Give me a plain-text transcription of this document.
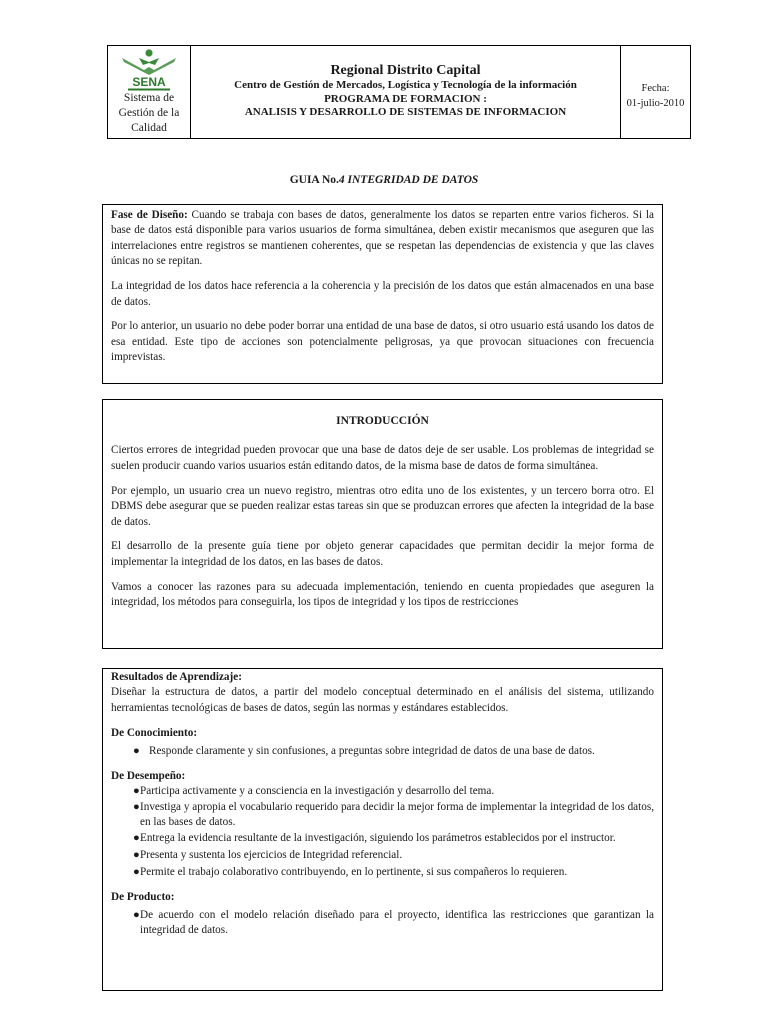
SENA
Sistema de
Gestión de la
Calidad
Regional Distrito Capital
Centro de Gestión de Mercados, Logística y Tecnología de la información
PROGRAMA DE FORMACION :
ANALISIS Y DESARROLLO DE SISTEMAS DE INFORMACION
Fecha:
01-julio-2010
GUIA No.4 INTEGRIDAD DE DATOS

Fase de Diseño: Cuando se trabaja con bases de datos, generalmente los datos se reparten entre varios ficheros. Si la base de datos está disponible para varios usuarios de forma simultánea, deben existir mecanismos que aseguren que las interrelaciones entre registros se mantienen coherentes, que se respetan las dependencias de existencia y que las claves únicas no se repitan.

La integridad de los datos hace referencia a la coherencia y la precisión de los datos que están almacenados en una base de datos.

Por lo anterior, un usuario no debe poder borrar una entidad de una base de datos, si otro usuario está usando los datos de esa entidad. Este tipo de acciones son potencialmente peligrosas, ya que provocan situaciones con frecuencia imprevistas.

INTRODUCCIÓN

Ciertos errores de integridad pueden provocar que una base de datos deje de ser usable. Los problemas de integridad se suelen producir cuando varios usuarios están editando datos, de la misma base de datos de forma simultánea.

Por ejemplo, un usuario crea un nuevo registro, mientras otro edita uno de los existentes, y un tercero borra otro. El DBMS debe asegurar que se pueden realizar estas tareas sin que se produzcan errores que afecten la integridad de la base de datos.

El desarrollo de la presente guía tiene por objeto generar capacidades que permitan decidir la mejor forma de implementar la integridad de los datos, en las bases de datos.

Vamos a conocer las razones para su adecuada implementación, teniendo en cuenta propiedades que aseguren la integridad, los métodos para conseguirla, los tipos de integridad y los tipos de restricciones

Resultados de Aprendizaje:

Diseñar la estructura de datos, a partir del modelo conceptual determinado en el análisis del sistema, utilizando herramientas tecnológicas de bases de datos, según las normas y estándares establecidos.

De Conocimiento:

● Responde claramente y sin confusiones, a preguntas sobre integridad de datos de una base de datos.

De Desempeño:

● Participa activamente y a consciencia en la investigación y desarrollo del tema.

● Investiga y apropia el vocabulario requerido para decidir la mejor forma de implementar la integridad de los datos, en las bases de datos.

● Entrega la evidencia resultante de la investigación, siguiendo los parámetros establecidos por el instructor.

● Presenta y sustenta los ejercicios de Integridad referencial.

● Permite el trabajo colaborativo contribuyendo, en lo pertinente, si sus compañeros lo requieren.

De Producto:

● De acuerdo con el modelo relación diseñado para el proyecto, identifica las restricciones que garantizan la integridad de datos.
